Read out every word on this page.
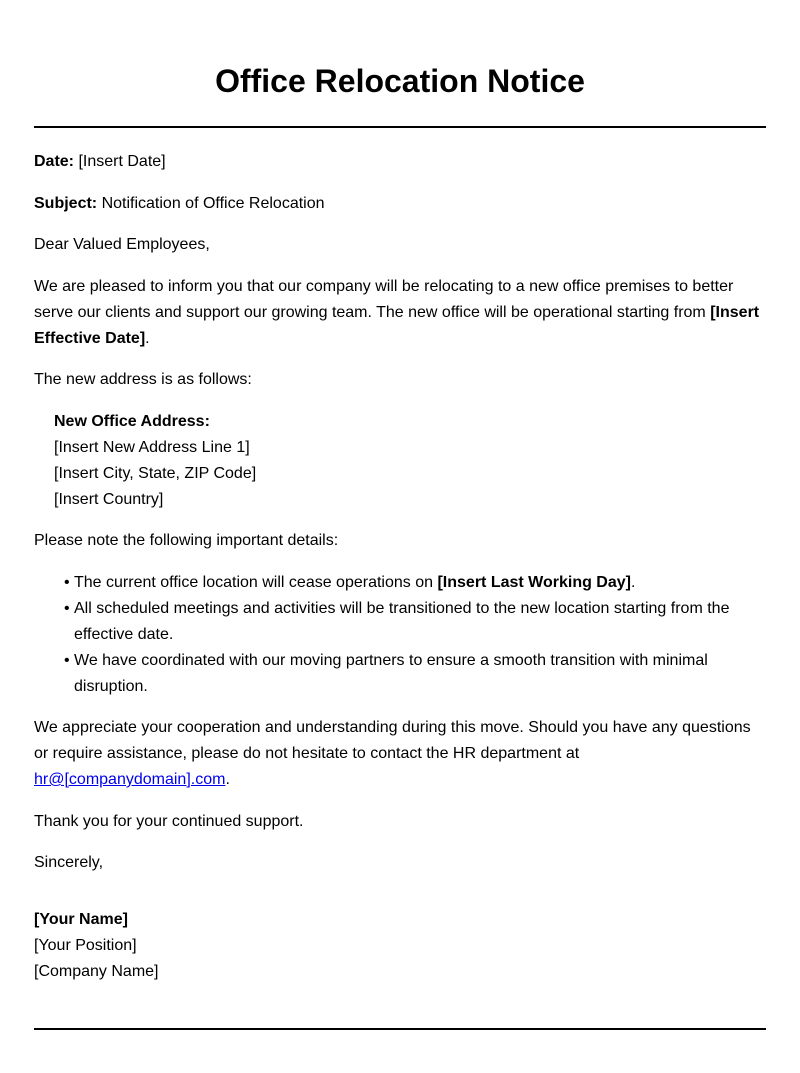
Office Relocation Notice

Date: [Insert Date]

Subject: Notification of Office Relocation

Dear Valued Employees,

We are pleased to inform you that our company will be relocating to a new office premises to better serve our clients and support our growing team. The new office will be operational starting from [Insert Effective Date].

The new address is as follows:

New Office Address:
[Insert New Address Line 1]
[Insert City, State, ZIP Code]
[Insert Country]

Please note the following important details:

• The current office location will cease operations on [Insert Last Working Day].
• All scheduled meetings and activities will be transitioned to the new location starting from the effective date.
• We have coordinated with our moving partners to ensure a smooth transition with minimal disruption.

We appreciate your cooperation and understanding during this move. Should you have any questions or require assistance, please do not hesitate to contact the HR department at hr@[companydomain].com.

Thank you for your continued support.

Sincerely,

[Your Name]
[Your Position]
[Company Name]
